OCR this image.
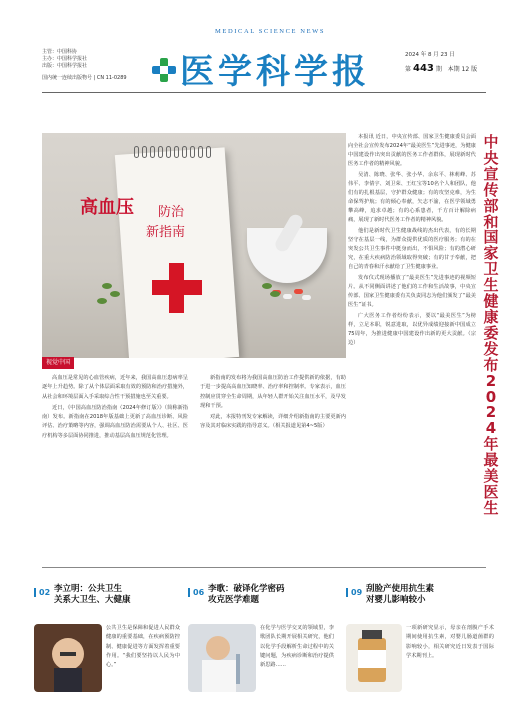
主管：中国科协
主办：中国科学报社
出版：中国科学报社
国内统一连续出版物号 | CN 11-0289
MEDICAL SCIENCE NEWS
医学科学报	2024 年 8 月 23 日
第 443 期 本期 12 版
高血压 防治
新指南
视觉中国

本报讯 近日，中央宣传部、国家卫生健康委员会面向全社会宣传发布2024年“最美医生”先进事迹，为健康中国建设作出突出贡献的医务工作者群体，展现新时代医务工作者的精神风貌。

吴清、陈晓、张华、张小华、余东平、林莉峰、苏伟平、李倩宇、刘卫荣、王红宝等10名个人和团队，他们有的扎根基层，守护群众健康；有的攻坚克难，为生命保驾护航；有的倾心奉献，矢志不渝，在医学领域勇攀高峰，追求卓越；有的心系患者，千方百计解除病痛，展现了新时代医务工作者的精神风貌。

他们是新时代卫生健康战线的杰出代表，有的长期坚守在基层一线，为群众提供优质的医疗服务；有的在突发公共卫生事件中挺身而出，不惧风险；有的潜心研究，在重大疾病防治领域取得突破；有的甘于奉献，把自己的青春和汗水献给了卫生健康事业。

发布仪式现场播放了“最美医生”先进事迹的视频短片。从不同侧面讲述了他们的工作和生活故事，中央宣传部、国家卫生健康委有关负责同志为他们颁发了“最美医生”证书。

广大医务工作者纷纷表示，要以“最美医生”为榜样，立足本职，锐意进取，以优异成绩迎接新中国成立75周年，为推进健康中国建设作出新的更大贡献。（宗边）

中央宣传部和国家卫生健康委发布2024年最美医生

高血压是常见的心血管疾病，近年来，我国高血压患病率呈逐年上升趋势。除了从个体层面采取有效的预防和治疗措施外，从社会和环境层面入手采取综合性干预措施也至关重要。

近日，《中国高血压防治指南（2024年修订版）》（简称新指南）发布。新指南在2018年版基础上更新了高血压诊断、风险评估、治疗策略等内容，强调高血压防治需要从个人、社区、医疗机构等多层面协同推进，推动基层高血压规范化管理。

新指南的发布将为我国高血压防治工作提供新的依据，有助于进一步提高高血压知晓率、治疗率和控制率。专家表示，血压控制应贯穿全生命周期，从年轻人群开始关注血压水平，及早发现和干预。

对此，本报特刊发专家解读，详细介绍新指南的主要更新内容及其对临床实践的指导意义。（相关报道见第4~5版）

02 李立明：公共卫生
关系大卫生、大健康
公共卫生是保障和促进人民群众健康的重要基础，在疾病预防控制、健康促进等方面发挥着重要作用。“我们要坚持以人民为中心。”
06 李歌：破译化学密码
攻克医学难题
在化学与医学交叉的领域里，李歌团队长期开展相关研究，他们以化学手段解析生命过程中的关键问题，为疾病诊断和治疗提供新思路……
09 刮脸产使用抗生素
对婴儿影响较小
一项新研究显示，母亲在剖腹产手术期间使用抗生素，对婴儿肠道菌群的影响较小，相关研究近日发表于国际学术期刊上。
